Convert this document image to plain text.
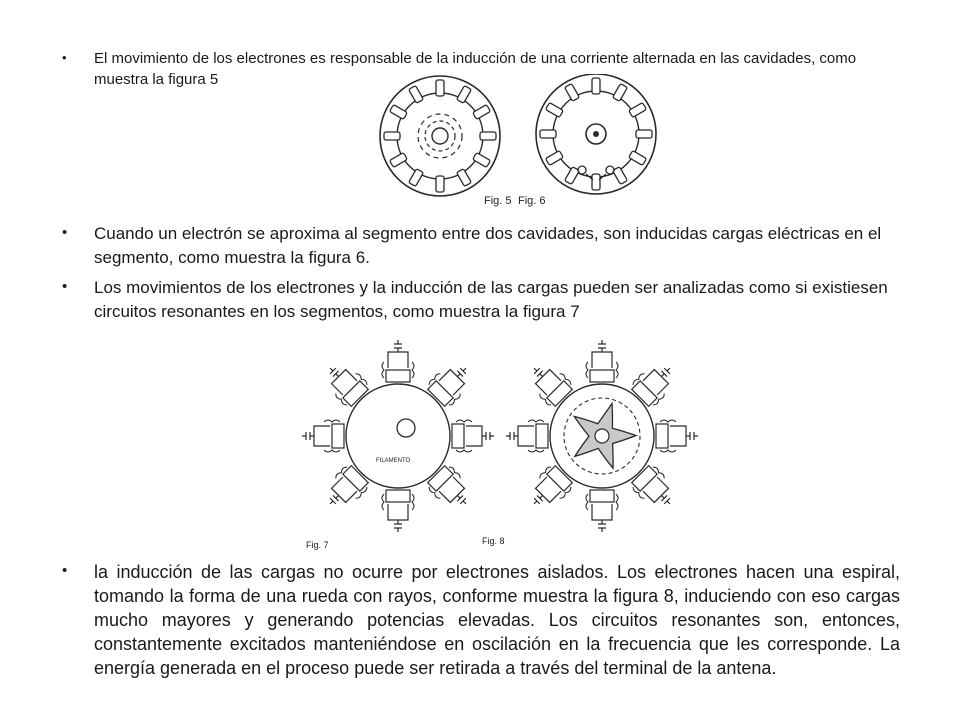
• El movimiento de los electrones es responsable de la inducción de una corriente alternada en las cavidades, como muestra la figura 5

Fig. 5 Fig. 6
• Cuando un electrón se aproxima al segmento entre dos cavidades, son inducidas cargas eléctricas en el segmento, como muestra la figura 6.

• Los movimientos de los electrones y la inducción de las cargas pueden ser analizadas como si existiesen circuitos resonantes en los segmentos, como muestra la figura 7

FILAMENTO
Fig. 7	Fig. 8
• la inducción de las cargas no ocurre por electrones aislados. Los electrones hacen una espiral, tomando la forma de una rueda con rayos, conforme muestra la figura 8, induciendo con eso cargas mucho mayores y generando potencias elevadas. Los circuitos resonantes son, entonces, constantemente excitados manteniéndose en oscilación en la frecuencia que les corresponde. La energía generada en el proceso puede ser retirada a través del terminal de la antena.
